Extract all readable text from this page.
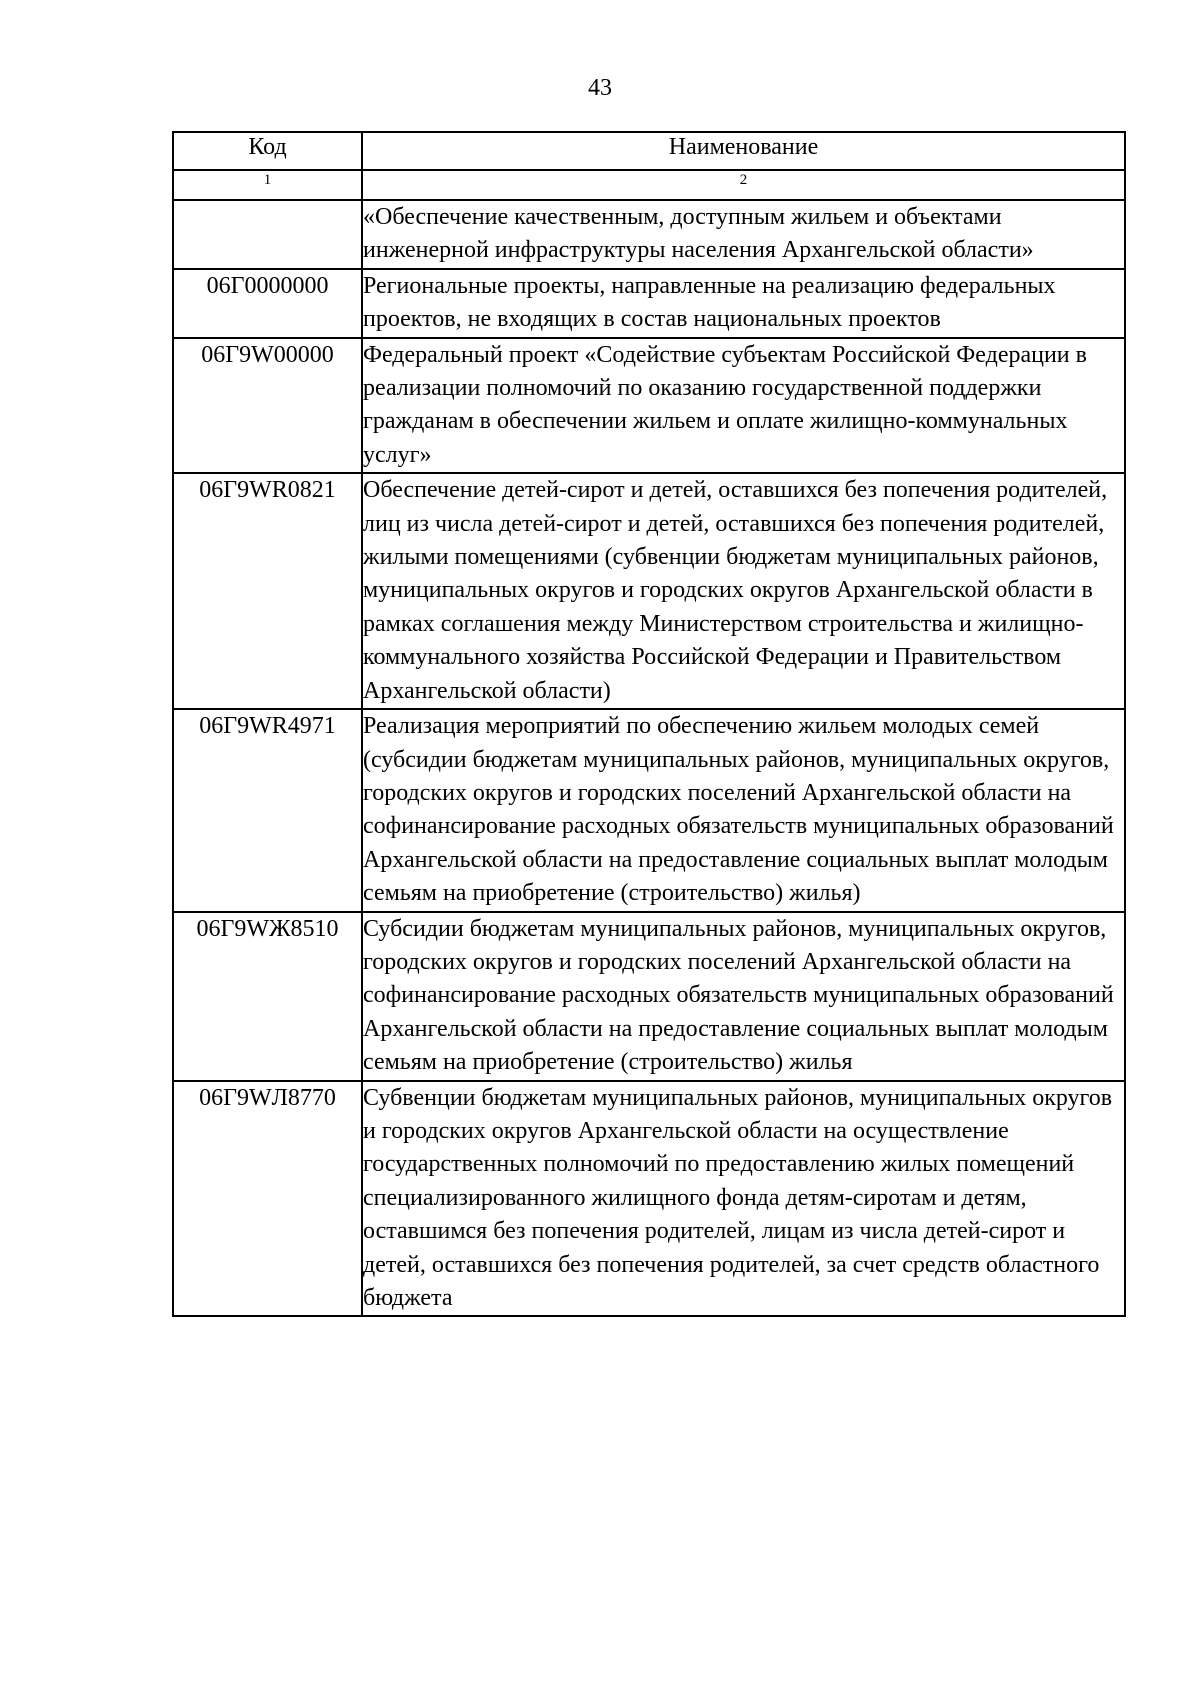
43
Код	Наименование
1	2
	«Обеспечение качественным, доступным жильем и объектами инженерной инфраструктуры населения Архангельской области»
06Г0000000	Региональные проекты, направленные на реализацию федеральных проектов, не входящих в состав национальных проектов
06Г9W00000	Федеральный проект «Содействие субъектам Российской Федерации в реализации полномочий по оказанию государственной поддержки гражданам в обеспечении жильем и оплате жилищно-коммунальных услуг»
06Г9WR0821	Обеспечение детей-сирот и детей, оставшихся без попечения родителей, лиц из числа детей-сирот и детей, оставшихся без попечения родителей, жилыми помещениями (субвенции бюджетам муниципальных районов, муниципальных округов и городских округов Архангельской области в рамках соглашения между Министерством строительства и жилищно-коммунального хозяйства Российской Федерации и Правительством Архангельской области)
06Г9WR4971	Реализация мероприятий по обеспечению жильем молодых семей (субсидии бюджетам муниципальных районов, муниципальных округов, городских округов и городских поселений Архангельской области на софинансирование расходных обязательств муниципальных образований Архангельской области на предоставление социальных выплат молодым семьям на приобретение (строительство) жилья)
06Г9WЖ8510	Субсидии бюджетам муниципальных районов, муниципальных округов, городских округов и городских поселений Архангельской области на софинансирование расходных обязательств муниципальных образований Архангельской области на предоставление социальных выплат молодым семьям на приобретение (строительство) жилья
06Г9WЛ8770	Субвенции бюджетам муниципальных районов, муниципальных округов и городских округов Архангельской области на осуществление государственных полномочий по предоставлению жилых помещений специализированного жилищного фонда детям-сиротам и детям, оставшимся без попечения родителей, лицам из числа детей-сирот и детей, оставшихся без попечения родителей, за счет средств областного бюджета
